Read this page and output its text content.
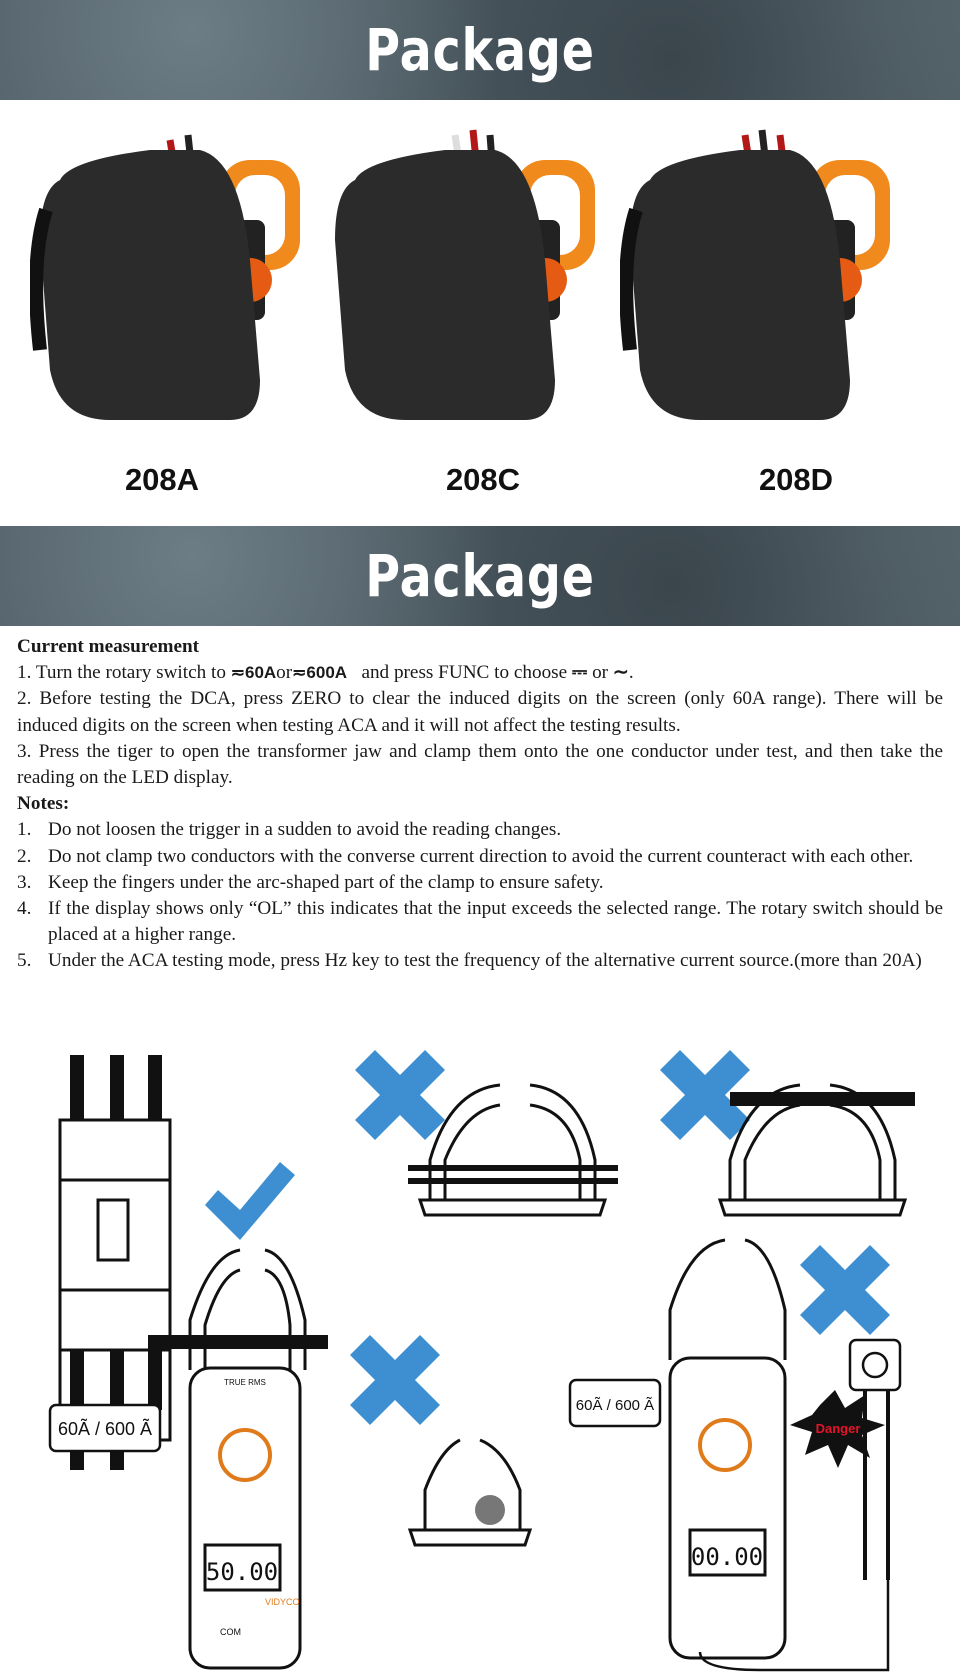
Package
208A	208C	208D
Package
Current measurement
1. Turn the rotary switch to ≂60Aor≂600A and press FUNC to choose ⎓ or ∼.
2. Before testing the DCA, press ZERO to clear the induced digits on the screen (only 60A range). There will be induced digits on the screen when testing ACA and it will not affect the testing results.
3. Press the tiger to open the transformer jaw and clamp them onto the one conductor under test, and then take the reading on the LED display.
Notes:
1. Do not loosen the trigger in a sudden to avoid the reading changes.
2. Do not clamp two conductors with the converse current direction to avoid the current counteract with each other.
3. Keep the fingers under the arc-shaped part of the clamp to ensure safety.
4. If the display shows only “OL” this indicates that the input exceeds the selected range. The rotary switch should be placed at a higher range.
5. Under the ACA testing mode, press Hz key to test the frequency of the alternative current source.(more than 20A)
50.00
TRUE RMS
COM
VIDYCO
60Ã / 600 Ã
00.00
60Ã / 600 Ã
Danger
